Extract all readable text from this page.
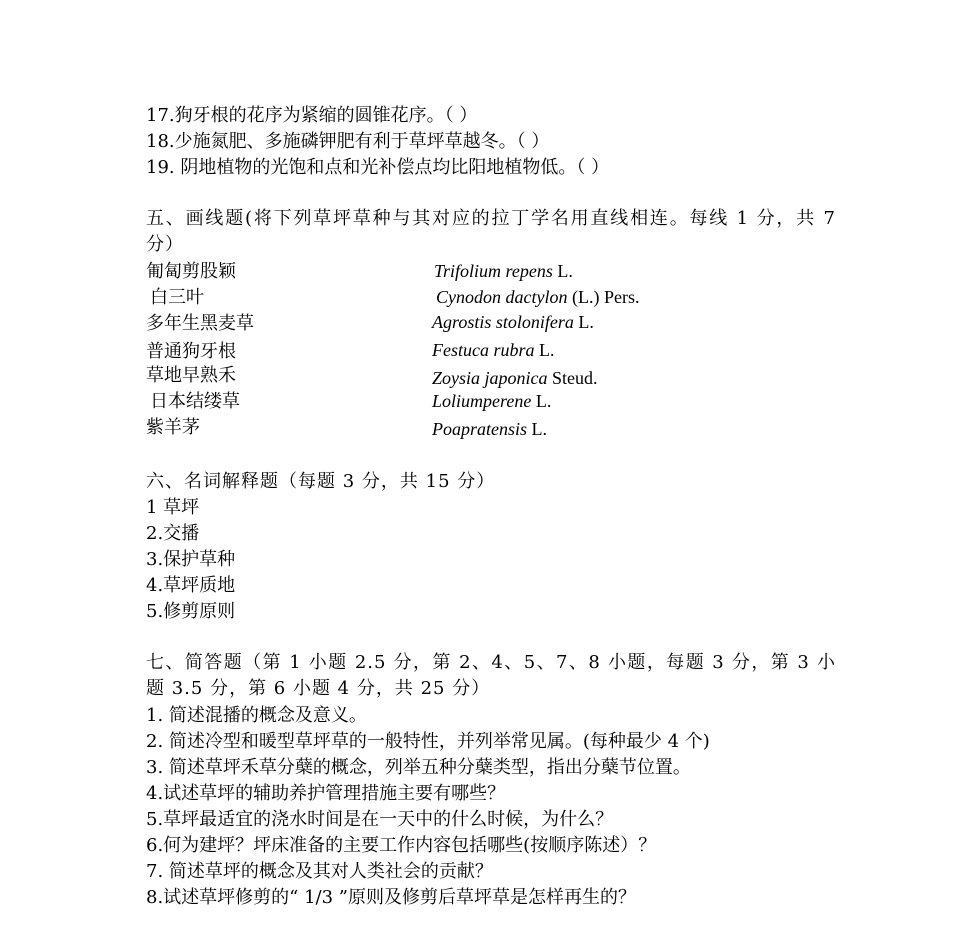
17.狗牙根的花序为紧缩的圆锥花序。（ ）
18.少施氮肥、多施磷钾肥有利于草坪草越冬。（ ）
19. 阴地植物的光饱和点和光补偿点均比阳地植物低。（ ）
五、画线题(将下列草坪草种与其对应的拉丁学名用直线相连。每线 1 分，共 7 分）
匍匐剪股颖
白三叶
多年生黑麦草
普通狗牙根
草地早熟禾
日本结缕草
紫羊茅
Trifolium repens L.
Cynodon dactylon (L.) Pers.
Agrostis stolonifera L.
Festuca rubra L.
Zoysia japonica Steud.
Loliumperene L.
Poapratensis L.
六、名词解释题（每题 3 分，共 15 分）
1 草坪
2.交播
3.保护草种
4.草坪质地
5.修剪原则
七、简答题（第 1 小题 2.5 分，第 2、4、5、7、8 小题，每题 3 分，第 3 小题 3.5 分，第 6 小题 4 分，共 25 分）
1. 简述混播的概念及意义。
2. 简述冷型和暖型草坪草的一般特性，并列举常见属。(每种最少 4 个)
3. 简述草坪禾草分蘖的概念，列举五种分蘖类型，指出分蘖节位置。
4.试述草坪的辅助养护管理措施主要有哪些？
5.草坪最适宜的浇水时间是在一天中的什么时候，为什么？
6.何为建坪？坪床准备的主要工作内容包括哪些(按顺序陈述）？
7. 简述草坪的概念及其对人类社会的贡献？
8.试述草坪修剪的“ 1/3 ”原则及修剪后草坪草是怎样再生的？
